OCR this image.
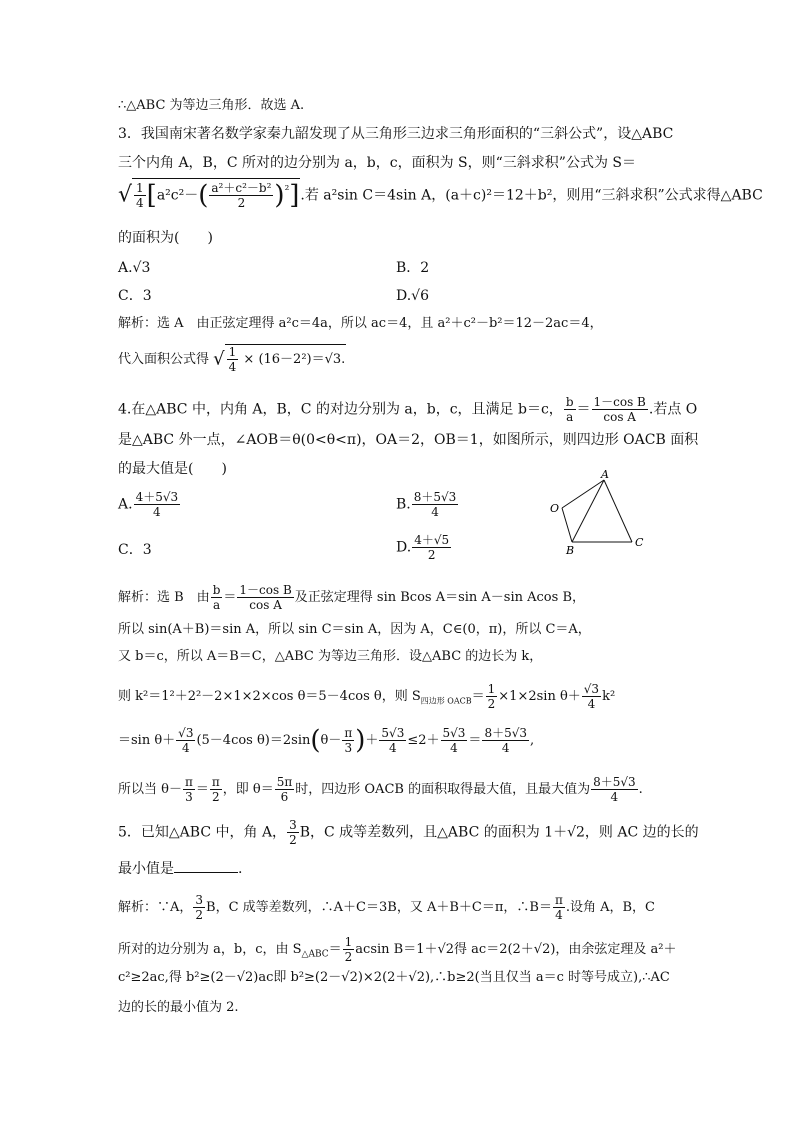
∴△ABC 为等边三角形．故选 A.
3．我国南宋著名数学家秦九韶发现了从三角形三边求三角形面积的“三斜公式”，设△ABC
三个内角 A，B，C 所对的边分别为 a，b，c，面积为 S，则“三斜求积”公式为 S＝
√ $\frac{1}{4} [a^2c^2-( \frac{\text{a²＋c²－b²}}{2} )^{^2}]$.若 a²sin C＝4sin A，(a＋c)²＝12＋b²，则用“三斜求积”公式求得△ABC
的面积为(　　)
A.√3	B．2
C．3	D.√6
解析：选 A　由正弦定理得 a²c＝4a，所以 ac＝4，且 a²＋c²－b²＝12－2ac＝4，
代入面积公式得 √ $\frac{1}{4} \times (16-2^2)=√3$.
4.在△ABC 中，内角 A，B，C 的对边分别为 a，b，c，且满足 b＝c， $\frac{b}{a} = \frac{\text{1－cos B}}{\text{cos A}}$ .若点 O
是△ABC 外一点，∠AOB＝θ(0<θ<π)，OA＝2，OB＝1，如图所示，则四边形 OACB 面积
的最大值是(　　)
A. $\frac{4+5√3}{4}$	B. $\frac{8+5√3}{4}$
C．3	D. $\frac{4+√5}{2}$
A
B
C
O
解析：选 B　由 $\frac{b}{a} = \frac{\text{1－cos B}}{\text{cos A}}$ 及正弦定理得 sin Bcos A＝sin A－sin Acos B，
所以 sin(A＋B)＝sin A，所以 sin C＝sin A，因为 A，C∈(0，π)，所以 C＝A，
又 b＝c，所以 A＝B＝C，△ABC 为等边三角形．设△ABC 的边长为 k，
则 k²＝1²＋2²－2×1×2×cos θ＝5－4cos θ，则 $S_{四边形 OACB}= \frac{1}{2} \times 1\times 2\sin$ $\theta+ \frac{√3}{4} k^2$
＝sin $\theta+ \frac{√3}{4} (5-4\cos$ $\theta)=2\sin(\theta- \frac{\pi}{3}$ )＋ $\frac{5√3}{4} \le 2+ \frac{5√3}{4} = \frac{8+5√3}{4}$ ,
所以当 $\theta- \frac{\pi}{3} = \frac{\pi}{2}$ ，即 $\theta= \frac{5\pi}{6}$ 时，四边形 OACB 的面积取得最大值，且最大值为 $\frac{8+5√3}{4}$ .
5．已知△ABC 中，角 A， $\frac{3}{2}$ B，C 成等差数列，且△ABC 的面积为 1＋√2，则 AC 边的长的
最小值是	.
解析：∵A， $\frac{3}{2}$ B，C 成等差数列，∴A＋C＝3B，又 A＋B＋C＝π，∴B＝ $\frac{\pi}{4}$ .设角 A，B，C
所对的边分别为 a，b，c，由 $S_{\triangle ABC}= \frac{1}{2}$ acsin B＝1＋√2得 ac＝2(2＋√2)，由余弦定理及 a²＋
c²≥2ac,得 b²≥(2－√2)ac即 b²≥(2－√2)×2(2＋√2),∴b≥2(当且仅当 a＝c 时等号成立),∴AC
边的长的最小值为 2.
